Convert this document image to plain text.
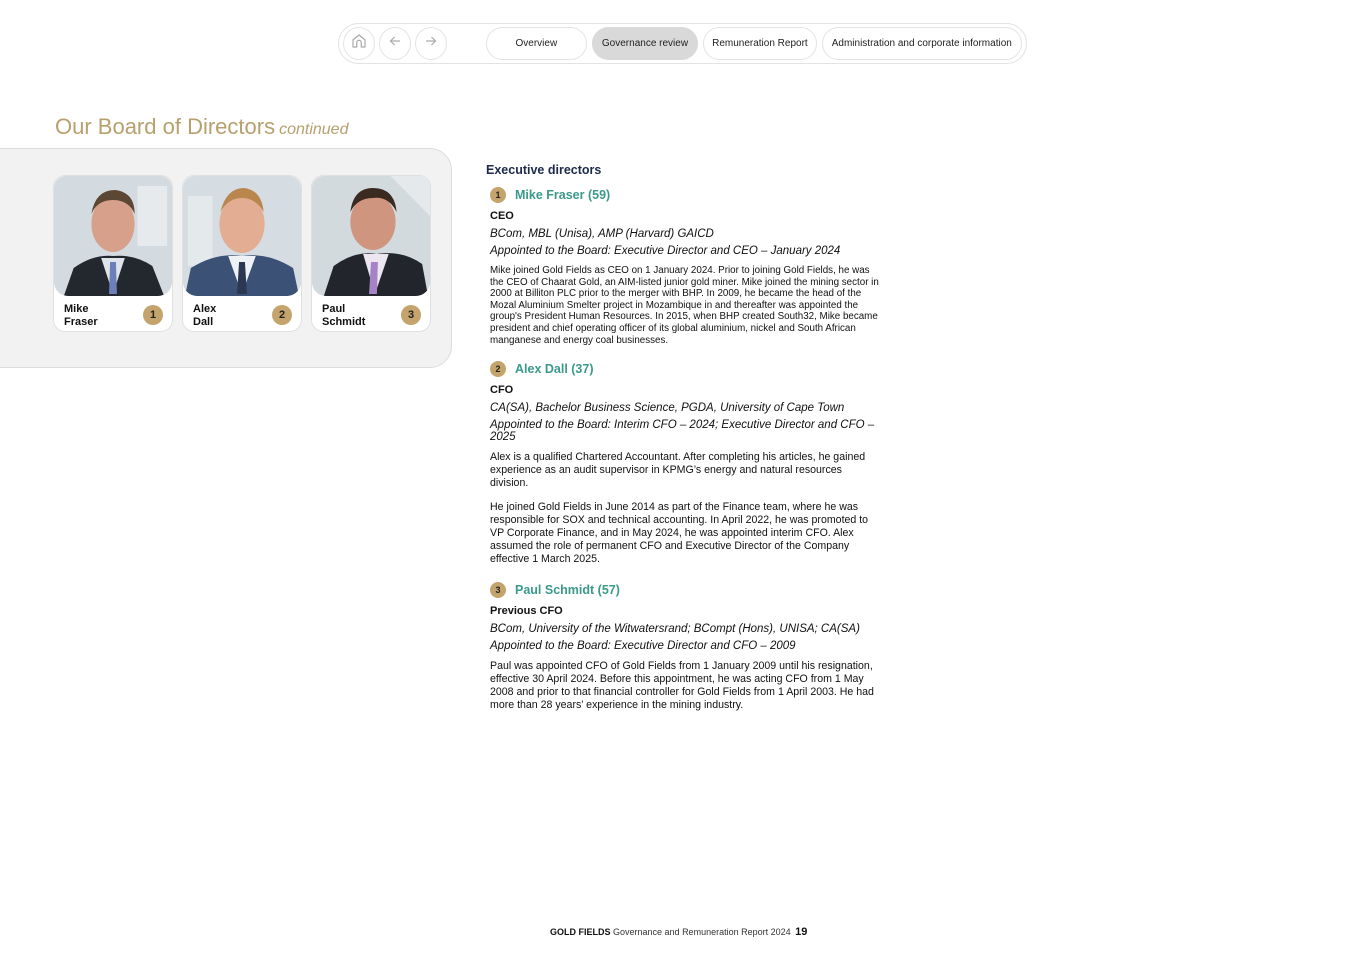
Overview	Governance review	Remuneration Report	Administration and corporate information
Our Board of Directors continued
Mike
Fraser
1	Alex
Dall
2	Paul
Schmidt
3
Executive directors
1	Mike Fraser (59)
CEO
BCom, MBL (Unisa), AMP (Harvard) GAICD
Appointed to the Board: Executive Director and CEO – January 2024

Mike joined Gold Fields as CEO on 1 January 2024. Prior to joining Gold Fields, he was the CEO of Chaarat Gold, an AIM-listed junior gold miner. Mike joined the mining sector in 2000 at Billiton PLC prior to the merger with BHP. In 2009, he became the head of the Mozal Aluminium Smelter project in Mozambique in and thereafter was appointed the group's President Human Resources. In 2015, when BHP created South32, Mike became president and chief operating officer of its global aluminium, nickel and South African manganese and energy coal businesses.

2	Alex Dall (37)
CFO
CA(SA), Bachelor Business Science, PGDA, University of Cape Town
Appointed to the Board: Interim CFO – 2024; Executive Director and CFO – 2025

Alex is a qualified Chartered Accountant. After completing his articles, he gained experience as an audit supervisor in KPMG’s energy and natural resources division.

He joined Gold Fields in June 2014 as part of the Finance team, where he was responsible for SOX and technical accounting. In April 2022, he was promoted to VP Corporate Finance, and in May 2024, he was appointed interim CFO. Alex assumed the role of permanent CFO and Executive Director of the Company effective 1 March 2025.

3	Paul Schmidt (57)
Previous CFO
BCom, University of the Witwatersrand; BCompt (Hons), UNISA; CA(SA)
Appointed to the Board: Executive Director and CFO – 2009

Paul was appointed CFO of Gold Fields from 1 January 2009 until his resignation, effective 30 April 2024. Before this appointment, he was acting CFO from 1 May 2008 and prior to that financial controller for Gold Fields from 1 April 2003. He had more than 28 years’ experience in the mining industry.

GOLD FIELDS Governance and Remuneration Report 2024 19
